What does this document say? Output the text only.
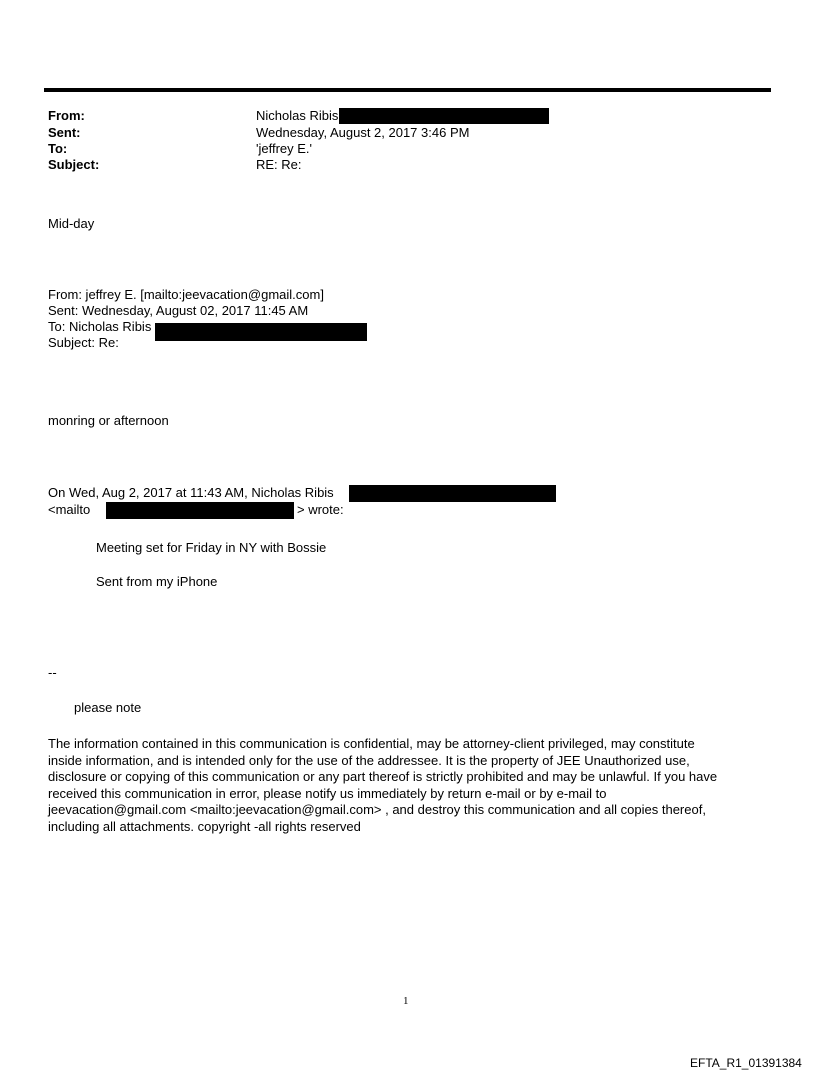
From:	Nicholas Ribis
Sent:	Wednesday, August 2, 2017 3:46 PM
To:	'jeffrey E.'
Subject:	RE: Re:
Mid-day
From: jeffrey E. [mailto:jeevacation@gmail.com]
Sent: Wednesday, August 02, 2017 11:45 AM
To: Nicholas Ribis
Subject: Re:
monring or afternoon
On Wed, Aug 2, 2017 at 11:43 AM, Nicholas Ribis
<mailto	> wrote:
Meeting set for Friday in NY with Bossie
Sent from my iPhone
--
please note
The information contained in this communication is confidential, may be attorney-client privileged, may constitute
inside information, and is intended only for the use of the addressee. It is the property of JEE Unauthorized use,
disclosure or copying of this communication or any part thereof is strictly prohibited and may be unlawful. If you have
received this communication in error, please notify us immediately by return e-mail or by e-mail to
jeevacation@gmail.com <mailto:jeevacation@gmail.com> , and destroy this communication and all copies thereof,
including all attachments. copyright -all rights reserved
1
EFTA_R1_01391384
